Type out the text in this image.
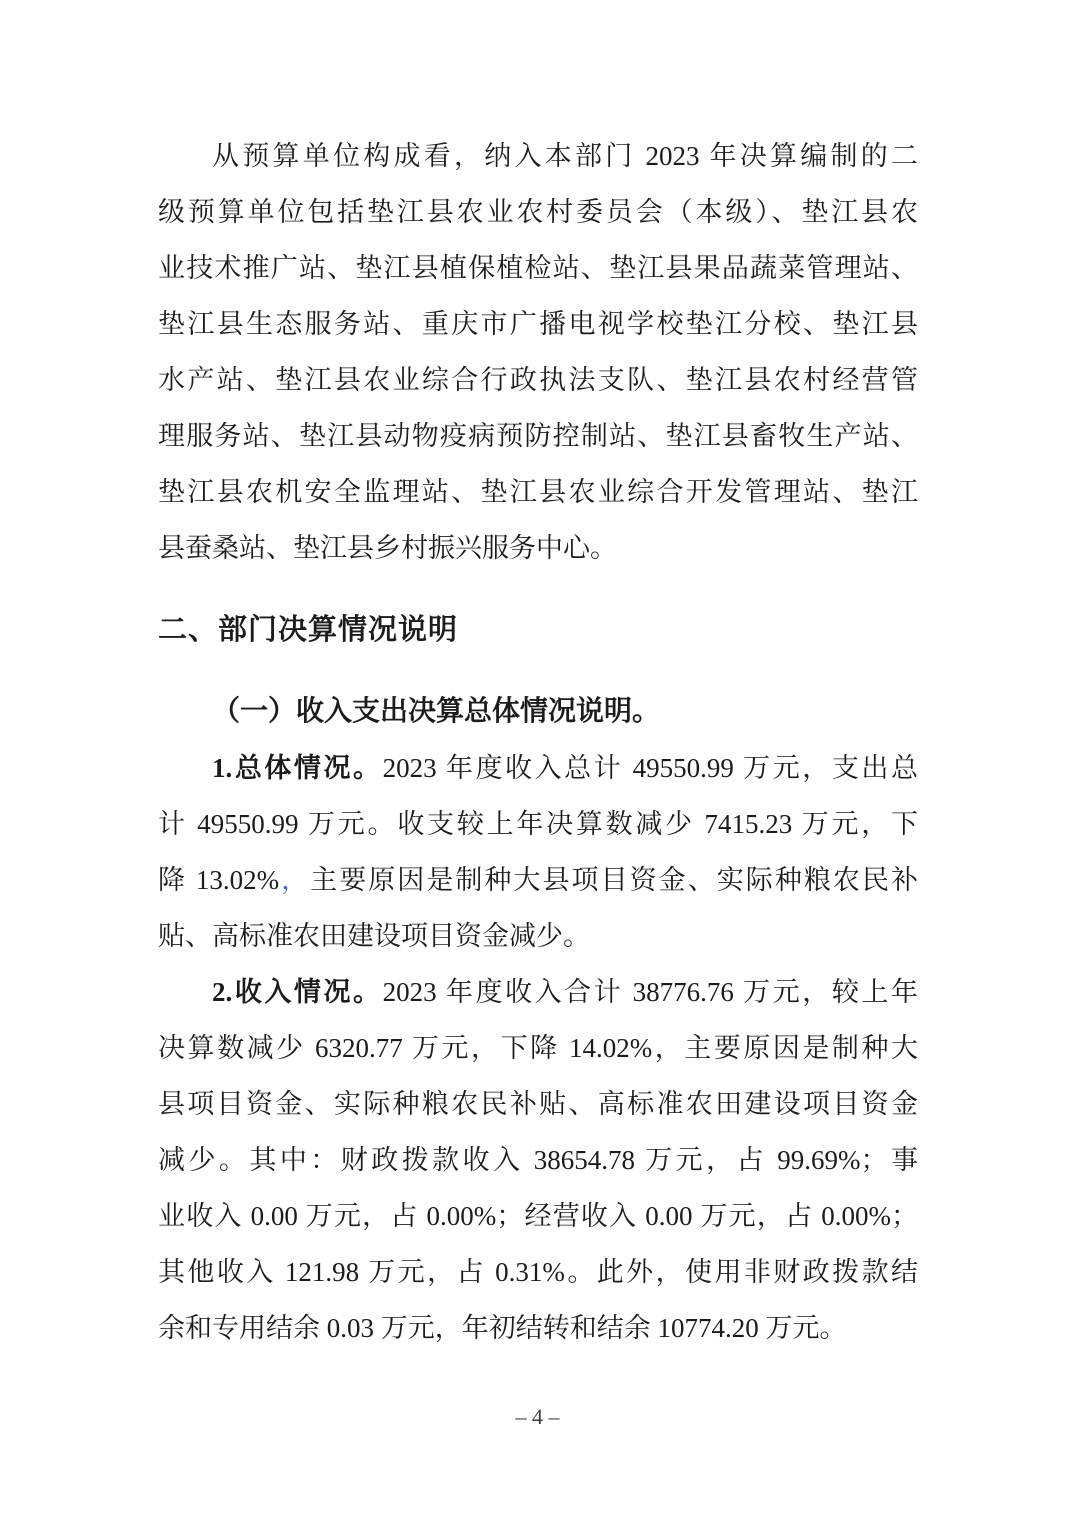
从预算单位构成看，纳入本部门 2023 年决算编制的二
级预算单位包括垫江县农业农村委员会（本级）、垫江县农
业技术推广站、垫江县植保植检站、垫江县果品蔬菜管理站、
垫江县生态服务站、重庆市广播电视学校垫江分校、垫江县
水产站、垫江县农业综合行政执法支队、垫江县农村经营管
理服务站、垫江县动物疫病预防控制站、垫江县畜牧生产站、
垫江县农机安全监理站、垫江县农业综合开发管理站、垫江
县蚕桑站、垫江县乡村振兴服务中心。
二、部门决算情况说明
（一）收入支出决算总体情况说明。
1.总体情况。2023 年度收入总计 49550.99 万元，支出总
计 49550.99 万元。收支较上年决算数减少 7415.23 万元，下
降 13.02%，主要原因是制种大县项目资金、实际种粮农民补
贴、高标准农田建设项目资金减少。
2.收入情况。2023 年度收入合计 38776.76 万元，较上年
决算数减少 6320.77 万元，下降 14.02%，主要原因是制种大
县项目资金、实际种粮农民补贴、高标准农田建设项目资金
减少。其中：财政拨款收入 38654.78 万元，占 99.69%；事
业收入 0.00 万元，占 0.00%；经营收入 0.00 万元，占 0.00%；
其他收入 121.98 万元，占 0.31%。此外，使用非财政拨款结
余和专用结余 0.03 万元，年初结转和结余 10774.20 万元。
– 4 –
